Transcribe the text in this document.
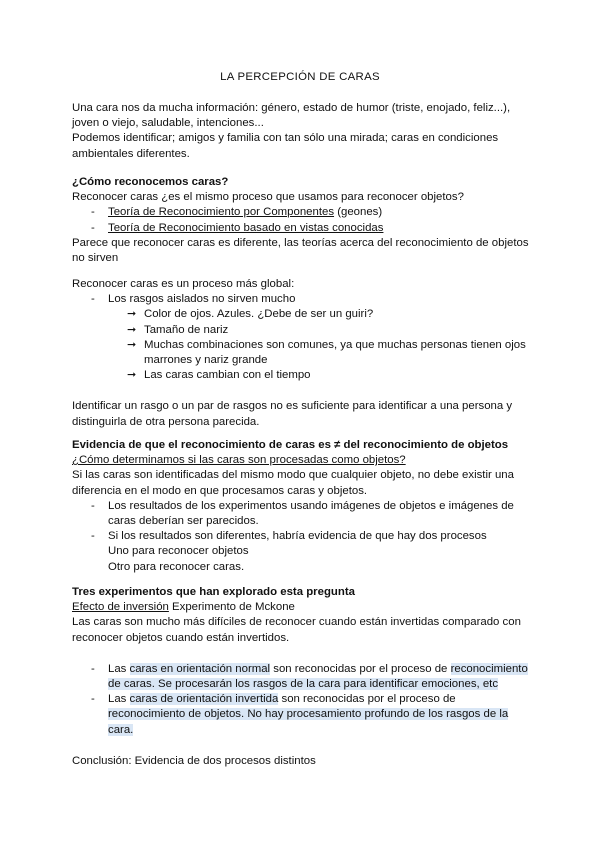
LA PERCEPCIÓN DE CARAS

Una cara nos da mucha información: género, estado de humor (triste, enojado, feliz...), joven o viejo, saludable, intenciones...

Podemos identificar; amigos y familia con tan sólo una mirada; caras en condiciones ambientales diferentes.

¿Cómo reconocemos caras?

Reconocer caras ¿es el mismo proceso que usamos para reconocer objetos?

- Teoría de Reconocimiento por Componentes (geones)
- Teoría de Reconocimiento basado en vistas conocidas

Parece que reconocer caras es diferente, las teorías acerca del reconocimiento de objetos no sirven

Reconocer caras es un proceso más global:

- Los rasgos aislados no sirven mucho
➞ Color de ojos. Azules. ¿Debe de ser un guiri?
➞ Tamaño de nariz
➞ Muchas combinaciones son comunes, ya que muchas personas tienen ojos marrones y nariz grande
➞ Las caras cambian con el tiempo

Identificar un rasgo o un par de rasgos no es suficiente para identificar a una persona y distinguirla de otra persona parecida.

Evidencia de que el reconocimiento de caras es ≠ del reconocimiento de objetos

¿Cómo determinamos si las caras son procesadas como objetos?

Si las caras son identificadas del mismo modo que cualquier objeto, no debe existir una diferencia en el modo en que procesamos caras y objetos.

- Los resultados de los experimentos usando imágenes de objetos e imágenes de caras deberían ser parecidos.
- Si los resultados son diferentes, habría evidencia de que hay dos procesos

Uno para reconocer objetos

Otro para reconocer caras.

Tres experimentos que han explorado esta pregunta

Efecto de inversión Experimento de Mckone

Las caras son mucho más difíciles de reconocer cuando están invertidas comparado con reconocer objetos cuando están invertidos.

- Las caras en orientación normal son reconocidas por el proceso de reconocimiento de caras. Se procesarán los rasgos de la cara para identificar emociones, etc
- Las caras de orientación invertida son reconocidas por el proceso de reconocimiento de objetos. No hay procesamiento profundo de los rasgos de la cara.

Conclusión: Evidencia de dos procesos distintos
